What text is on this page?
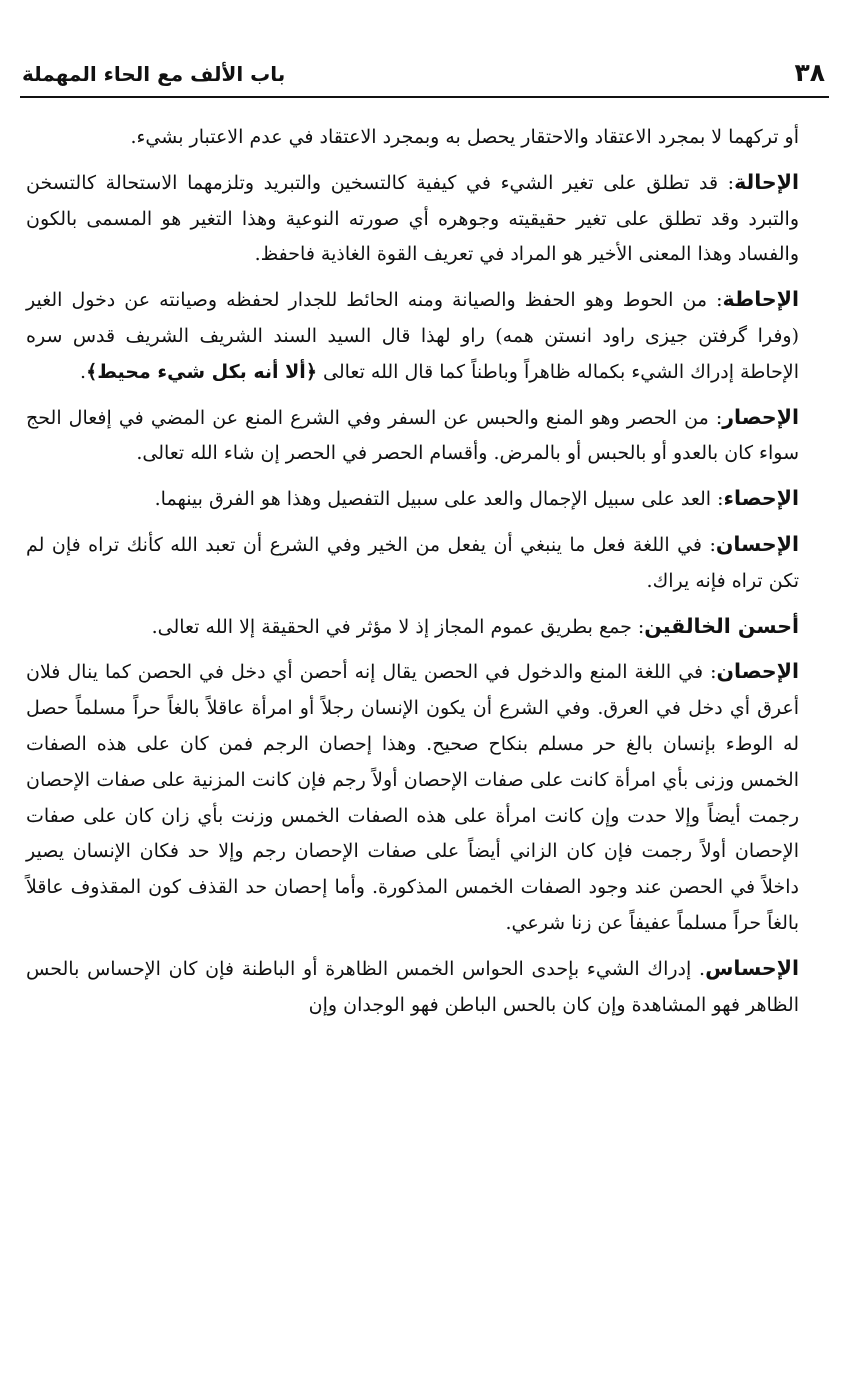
٣٨
باب الألف مع الحاء المهملة

أو تركهما لا بمجرد الاعتقاد والاحتقار يحصل به وبمجرد الاعتقاد في عدم الاعتبار بشيء.

الإحالة: قد تطلق على تغير الشيء في كيفية كالتسخين والتبريد وتلزمهما الاستحالة كالتسخن والتبرد وقد تطلق على تغير حقيقيته وجوهره أي صورته النوعية وهذا التغير هو المسمى بالكون والفساد وهذا المعنى الأخير هو المراد في تعريف القوة الغاذية فاحفظ.

الإحاطة: من الحوط وهو الحفظ والصيانة ومنه الحائط للجدار لحفظه وصيانته عن دخول الغير (وفرا گرفتن جيزى راود انستن همه) راو لهذا قال السيد السند الشريف الشريف قدس سره الإحاطة إدراك الشيء بكماله ظاهراً وباطناً كما قال الله تعالى ﴿ألا أنه بكل شيء محيط﴾.

الإحصار: من الحصر وهو المنع والحبس عن السفر وفي الشرع المنع عن المضي في إفعال الحج سواء كان بالعدو أو بالحبس أو بالمرض. وأقسام الحصر في الحصر إن شاء الله تعالى.

الإحصاء: العد على سبيل الإجمال والعد على سبيل التفصيل وهذا هو الفرق بينهما.

الإحسان: في اللغة فعل ما ينبغي أن يفعل من الخير وفي الشرع أن تعبد الله كأنك تراه فإن لم تكن تراه فإنه يراك.

أحسن الخالقين: جمع بطريق عموم المجاز إذ لا مؤثر في الحقيقة إلا الله تعالى.

الإحصان: في اللغة المنع والدخول في الحصن يقال إنه أحصن أي دخل في الحصن كما ينال فلان أعرق أي دخل في العرق. وفي الشرع أن يكون الإنسان رجلاً أو امرأة عاقلاً بالغاً حراً مسلماً حصل له الوطء بإنسان بالغ حر مسلم بنكاح صحيح. وهذا إحصان الرجم فمن كان على هذه الصفات الخمس وزنى بأي امرأة كانت على صفات الإحصان أولاً رجم فإن كانت المزنية على صفات الإحصان رجمت أيضاً وإلا حدت وإن كانت امرأة على هذه الصفات الخمس وزنت بأي زان كان على صفات الإحصان أولاً رجمت فإن كان الزاني أيضاً على صفات الإحصان رجم وإلا حد فكان الإنسان يصير داخلاً في الحصن عند وجود الصفات الخمس المذكورة. وأما إحصان حد القذف كون المقذوف عاقلاً بالغاً حراً مسلماً عفيفاً عن زنا شرعي.

الإحساس. إدراك الشيء بإحدى الحواس الخمس الظاهرة أو الباطنة فإن كان الإحساس بالحس الظاهر فهو المشاهدة وإن كان بالحس الباطن فهو الوجدان وإن
